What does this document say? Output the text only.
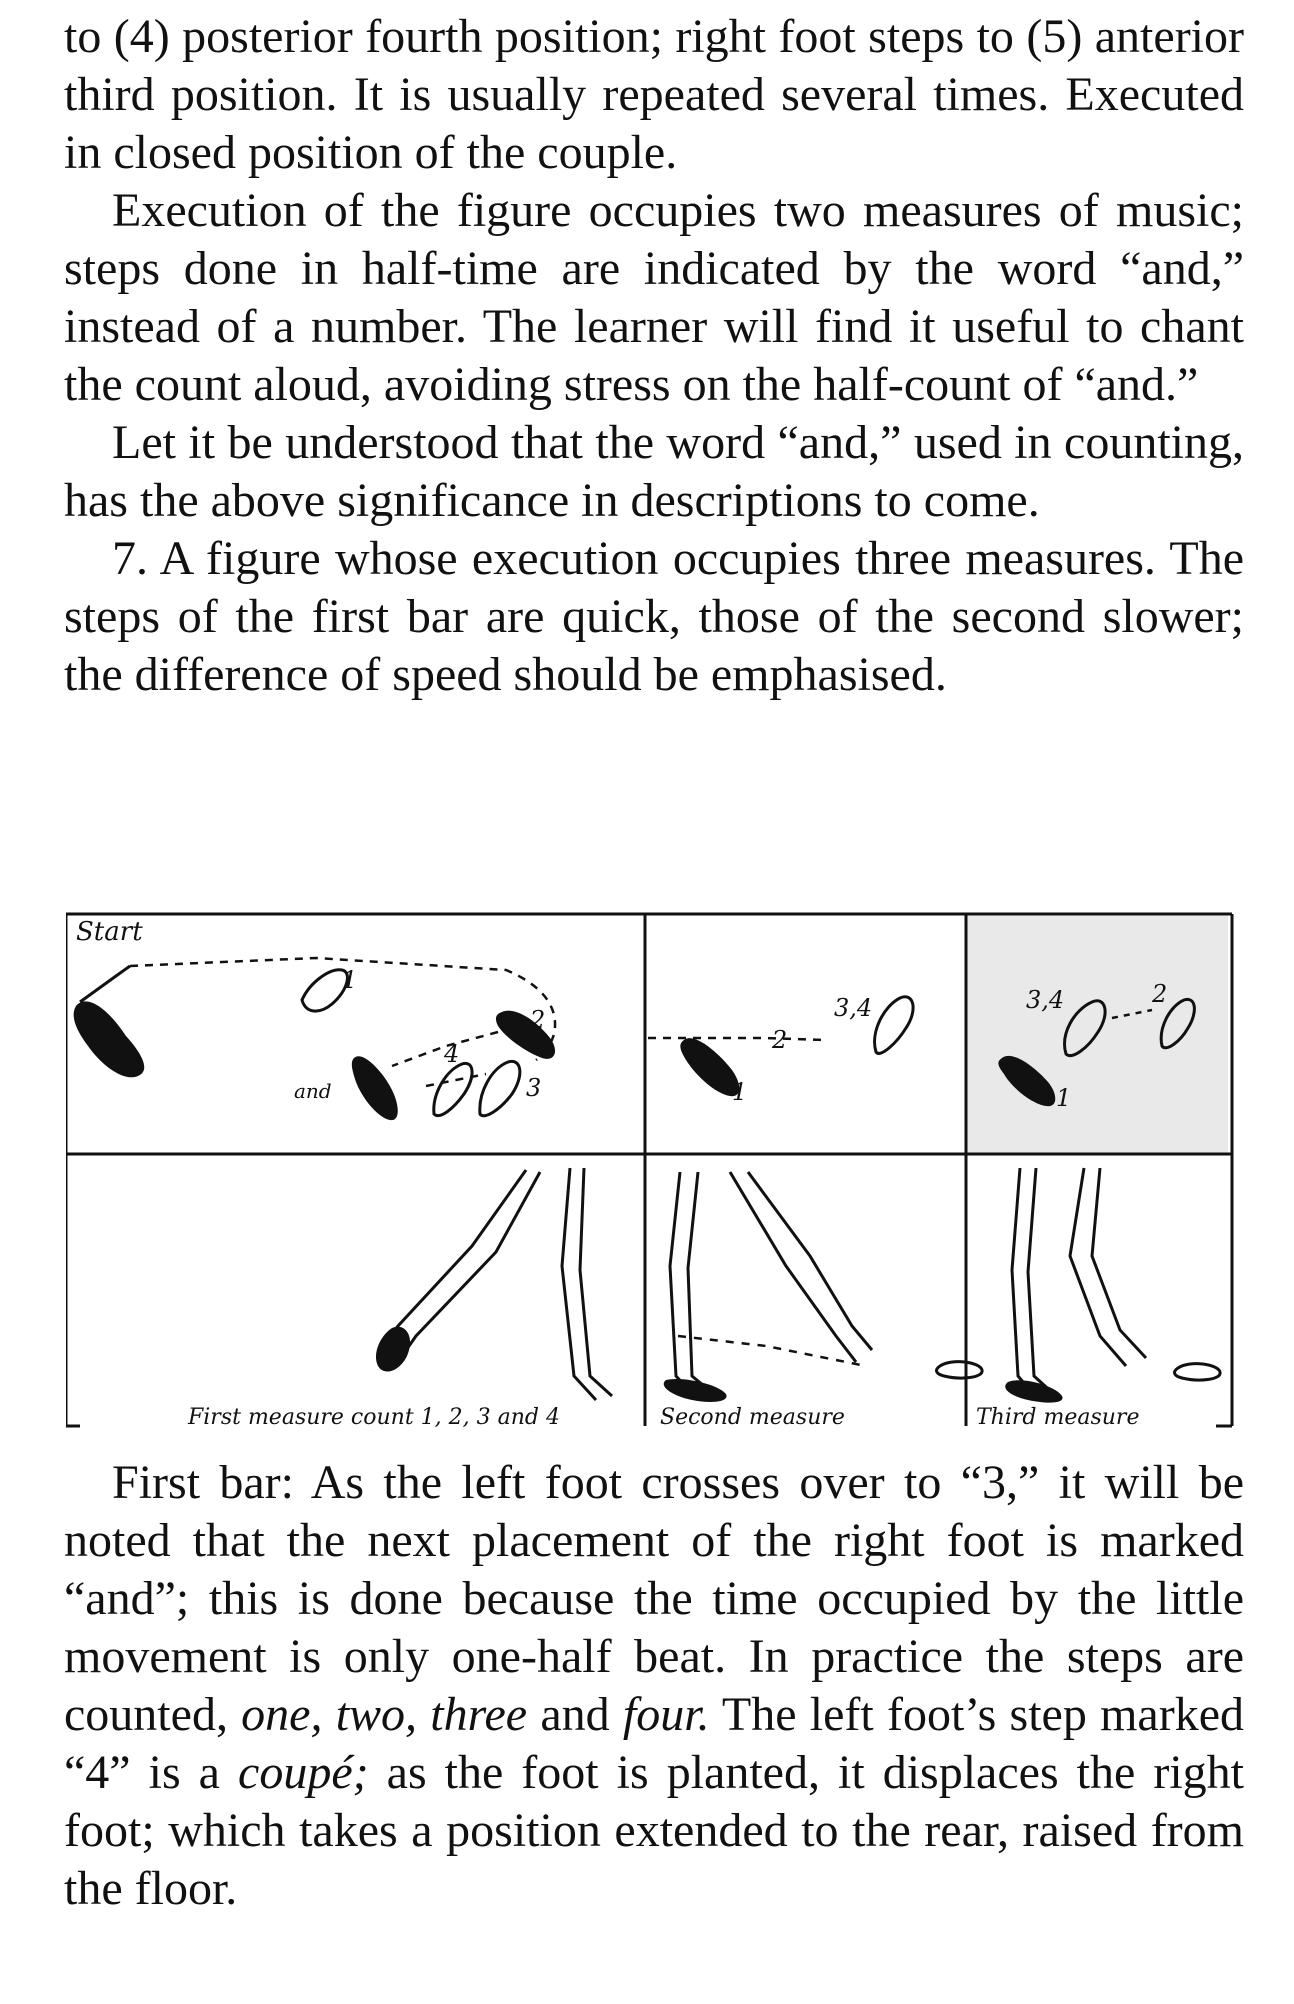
to (4) posterior fourth position; right foot steps to (5) anterior third position. It is usually repeated several times. Executed in closed position of the couple.

Execution of the figure occupies two measures of music; steps done in half-time are indicated by the word “and,” instead of a number. The learner will find it useful to chant the count aloud, avoiding stress on the half-count of “and.”

Let it be understood that the word “and,” used in counting, has the above significance in descriptions to come.

7. A figure whose execution occupies three measures. The steps of the first bar are quick, those of the second slower; the difference of speed should be emphasised.

First bar: As the left foot crosses over to “3,” it will be noted that the next placement of the right foot is marked “and”; this is done because the time occupied by the little movement is only one-half beat. In practice the steps are counted, one, two, three and four. The left foot’s step marked “4” is a coupé; as the foot is planted, it displaces the right foot; which takes a position extended to the rear, raised from the floor.

Start
1
2
3
4
and	1
2
3,4
1
2
3,4
First measure count 1, 2, 3 and 4	Second measure	Third measure
